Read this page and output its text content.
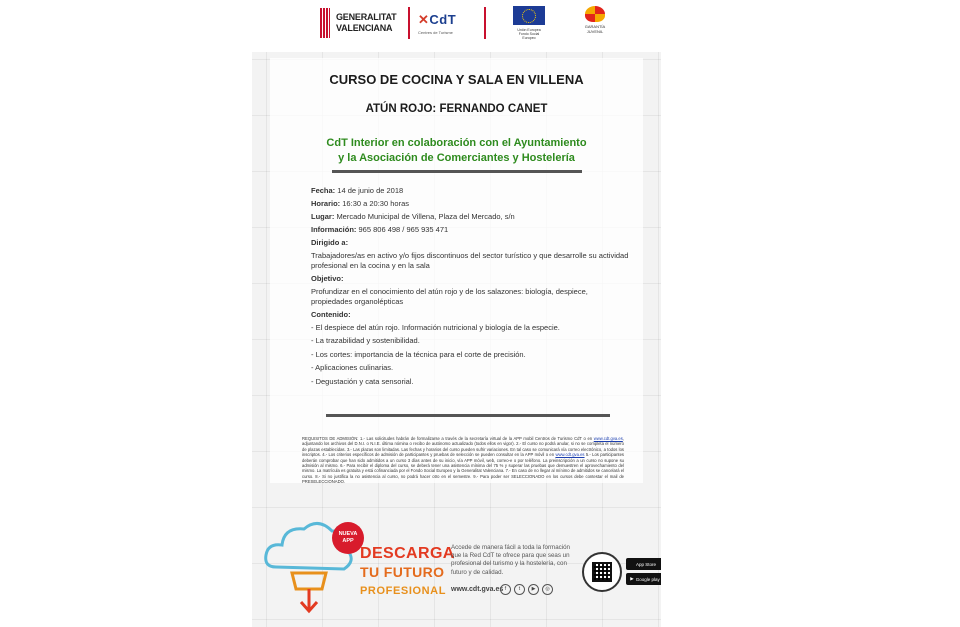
GENERALITAT
VALENCIANA
✕CdT
Centres de Turisme	Unión Europea
Fondo Social Europeo
GARANTÍA
JUVENIL
CURSO DE COCINA Y SALA EN VILLENA
ATÚN ROJO: FERNANDO CANET
CdT Interior en colaboración con el Ayuntamiento
y la Asociación de Comerciantes y Hostelería
Fecha: 14 de junio de 2018
Horario: 16:30 a 20:30 horas
Lugar: Mercado Municipal de Villena, Plaza del Mercado, s/n
Información: 965 806 498 / 965 935 471
Dirigido a:
Trabajadores/as en activo y/o fijos discontinuos del sector turístico y que desarrolle su actividad profesional en la cocina y en la sala
Objetivo:
Profundizar en el conocimiento del atún rojo y de los salazones: biología, despiece, propiedades organolépticas
Contenido:
- El despiece del atún rojo. Información nutricional y biología de la especie.
- La trazabilidad y sostenibilidad.
- Los cortes: importancia de la técnica para el corte de precisión.
- Aplicaciones culinarias.
- Degustación y cata sensorial.
REQUISITOS DE ADMISIÓN: 1.- Las solicitudes habrán de formalizarse a través de la secretaría virtual de la APP mobil Centros de Turismo CdT o en www.cdt.gva.es, adjuntando los archivos del D.N.I. o N.I.E. última nómina o recibo de autónomo actualizado (todos ellos en vigor). 2.- El curso no podrá anular, si no se completa el número de plazas establecidas. 3.- Las plazas son limitadas. Las fechas y horarios del curso pueden sufrir variaciones. En tal caso se comunicará vía correo electrónico, a todos los inscriptos. 4.- Los criterios específicos de admisión de participantes y pruebas de selección se pueden consultar en la APP móvil o en www.cdt.gva.es 5.- Los participantes deberán comprobar que han sido admitidos a un curso 3 días antes de su inicio, vía APP móvil, web, correo-e o por teléfono. La preinscripción a un curso no supone su admisión al mismo. 6.- Para recibir el diploma del curso, se deberá tener una asistencia mínima del 75 % y superar las pruebas que demuestren el aprovechamiento del mismo. La matrícula es gratuita y está cofinanciada por el Fondo Social Europeo y la Generalitat Valenciana. 7.- En caso de no llegar al mínimo de admitidos se cancelará el curso. 8.- Si no justifica la no asistencia al curso, no podrá hacer otro en el semestre. 9.- Para poder ser SELECCIONADO en los cursos debe contestar el mail de PRESELECCIONADO.
NUEVA
APP
DESCARGA
TU FUTURO
PROFESIONAL
Accede de manera fácil a toda la formación que la Red CdT te ofrece para que seas un profesional del turismo y la hostelería, con futuro y de calidad.
www.cdt.gva.es f	t	▶	◎
App Store
▶ Google play
